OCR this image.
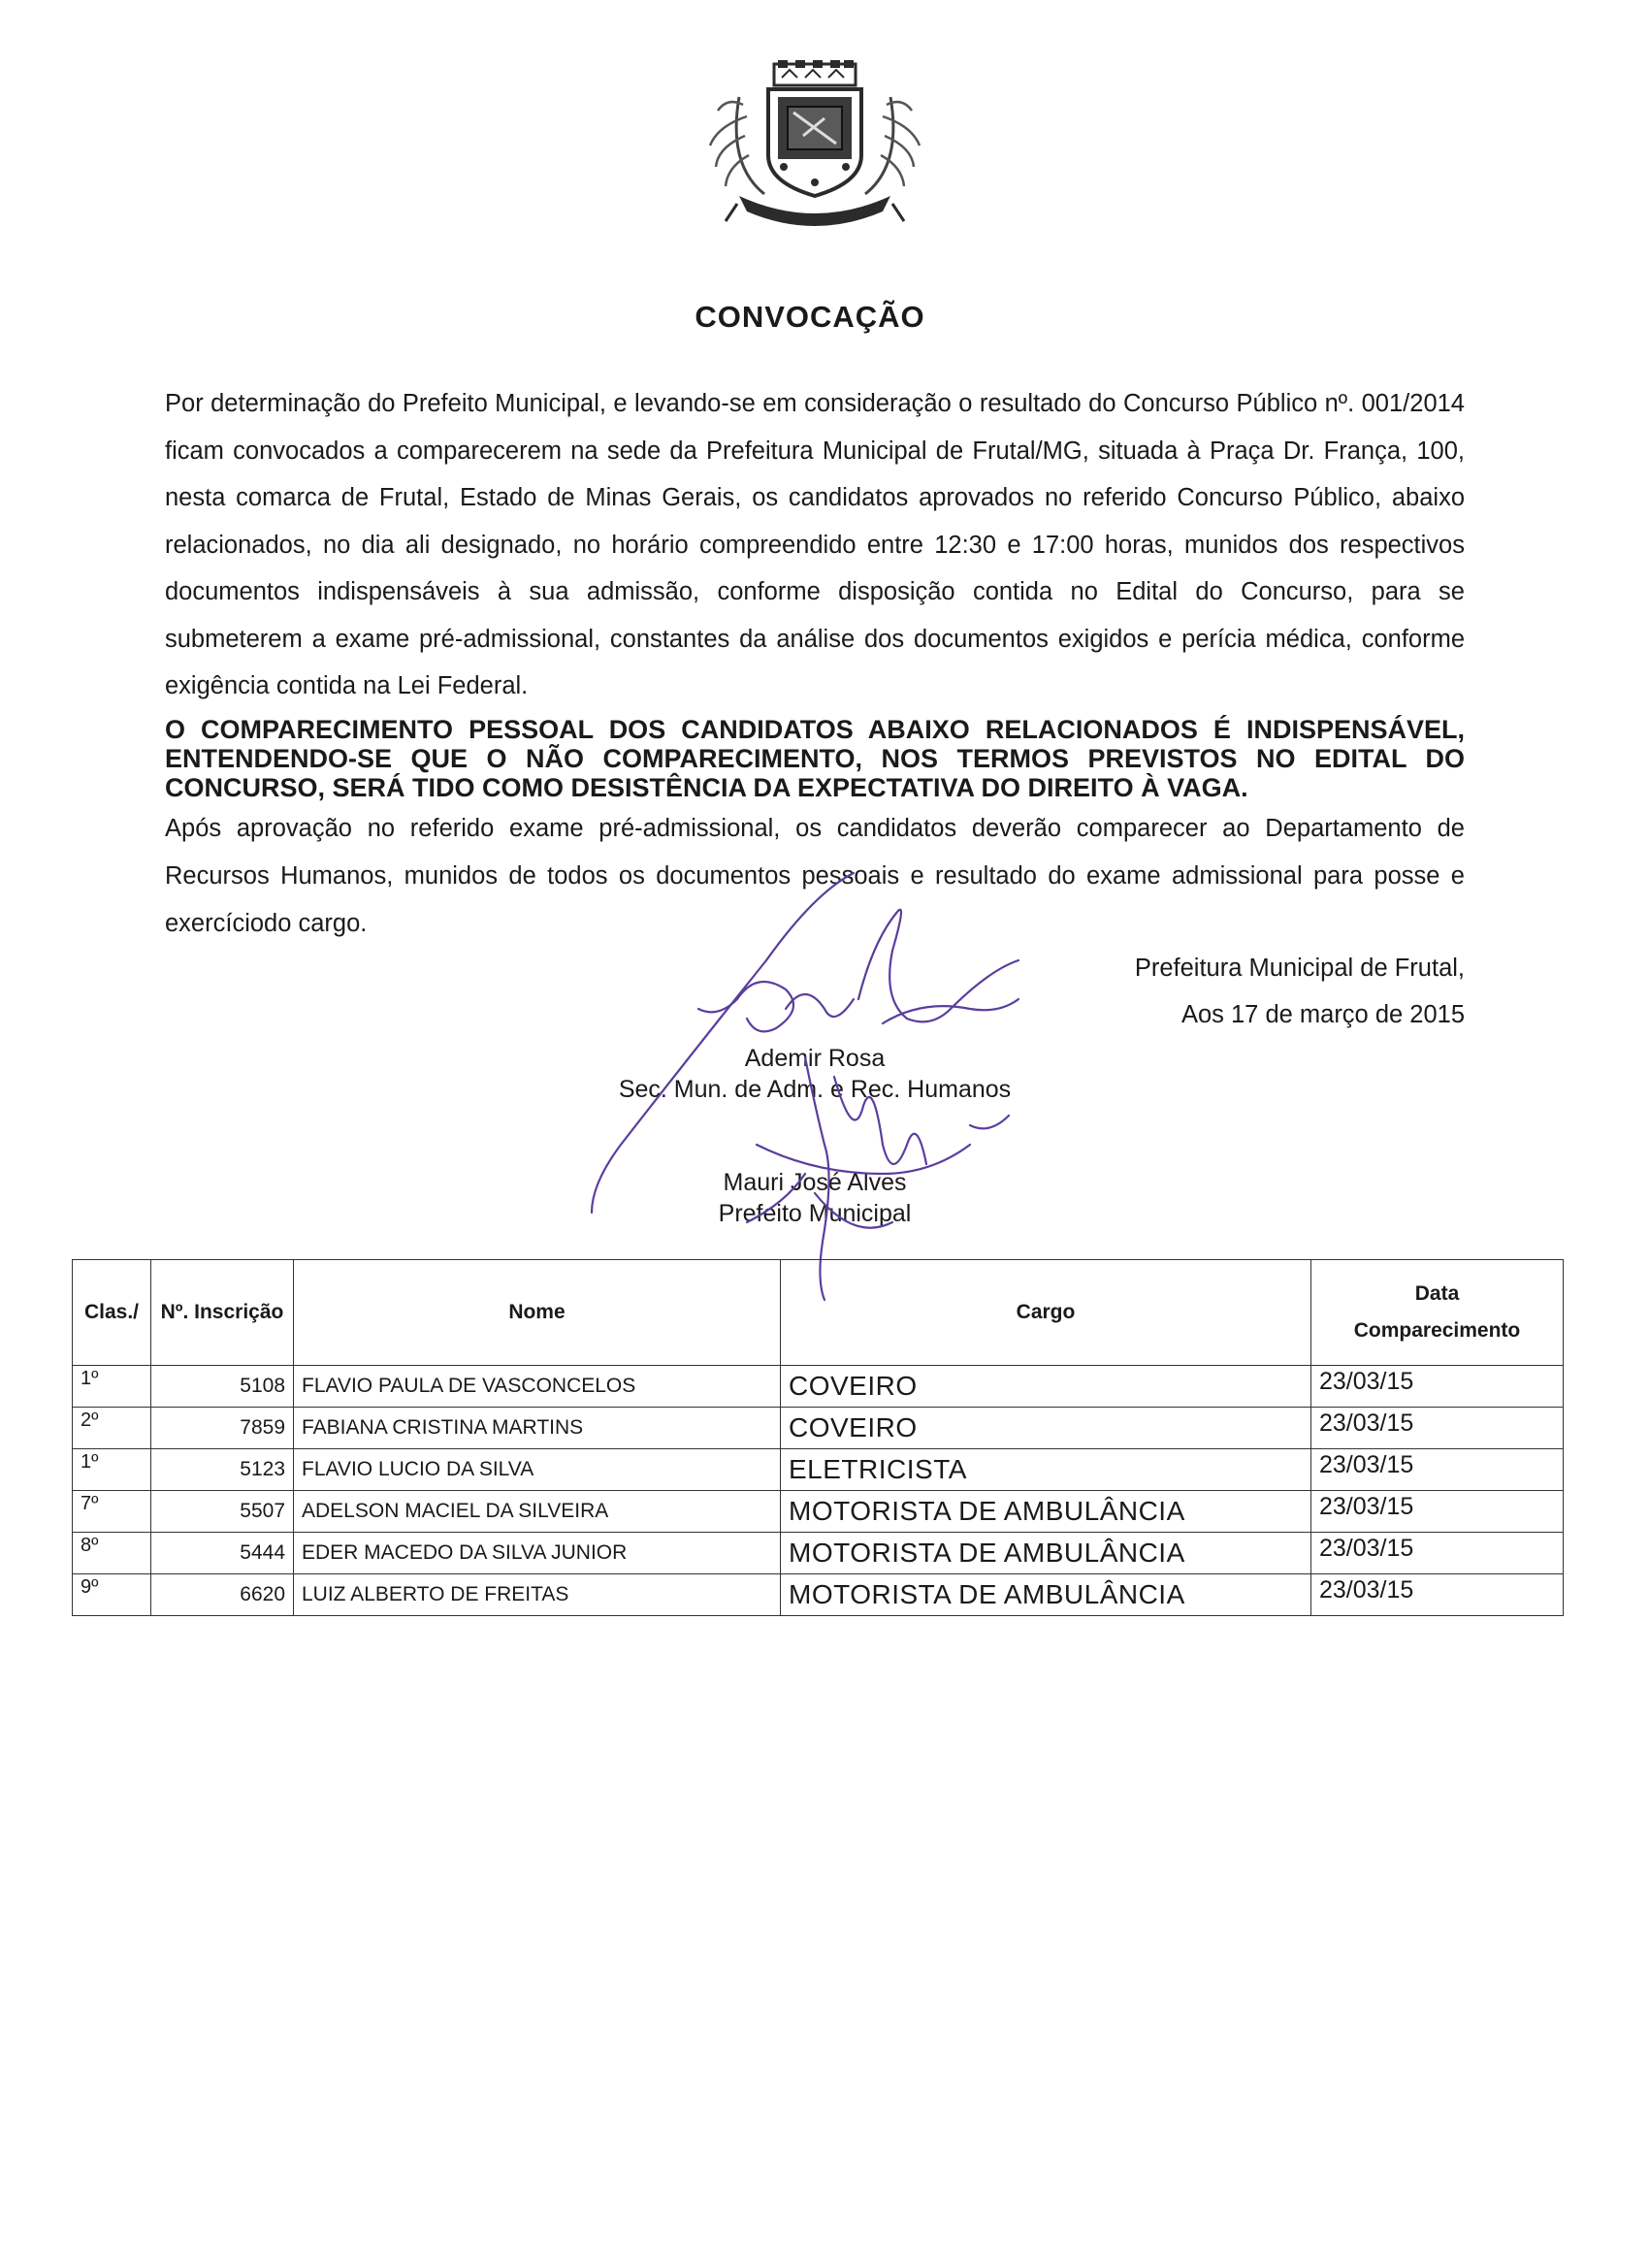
CONVOCAÇÃO

Por determinação do Prefeito Municipal, e levando-se em consideração o resultado do Concurso Público nº. 001/2014 ficam convocados a comparecerem na sede da Prefeitura Municipal de Frutal/MG, situada à Praça Dr. França, 100, nesta comarca de Frutal, Estado de Minas Gerais, os candidatos aprovados no referido Concurso Público, abaixo relacionados, no dia ali designado, no horário compreendido entre 12:30 e 17:00 horas, munidos dos respectivos documentos indispensáveis à sua admissão, conforme disposição contida no Edital do Concurso, para se submeterem a exame pré-admissional, constantes da análise dos documentos exigidos e perícia médica, conforme exigência contida na Lei Federal.

O COMPARECIMENTO PESSOAL DOS CANDIDATOS ABAIXO RELACIONADOS É INDISPENSÁVEL, ENTENDENDO-SE QUE O NÃO COMPARECIMENTO, NOS TERMOS PREVISTOS NO EDITAL DO CONCURSO, SERÁ TIDO COMO DESISTÊNCIA DA EXPECTATIVA DO DIREITO À VAGA.

Após aprovação no referido exame pré-admissional, os candidatos deverão comparecer ao Departamento de Recursos Humanos, munidos de todos os documentos pessoais e resultado do exame admissional para posse e exercíciodo cargo.

Prefeitura Municipal de Frutal,
Aos 17 de março de 2015
Ademir Rosa
Sec. Mun. de Adm. e Rec. Humanos
Mauri José Alves
Prefeito Municipal
Clas./	Nº. Inscrição	Nome	Cargo	Data
Comparecimento

1º	5108	FLAVIO PAULA DE VASCONCELOS	COVEIRO	23/03/15
2º	7859	FABIANA CRISTINA MARTINS	COVEIRO	23/03/15
1º	5123	FLAVIO LUCIO DA SILVA	ELETRICISTA	23/03/15
7º	5507	ADELSON MACIEL DA SILVEIRA	MOTORISTA DE AMBULÂNCIA	23/03/15
8º	5444	EDER MACEDO DA SILVA JUNIOR	MOTORISTA DE AMBULÂNCIA	23/03/15
9º	6620	LUIZ ALBERTO DE FREITAS	MOTORISTA DE AMBULÂNCIA	23/03/15
